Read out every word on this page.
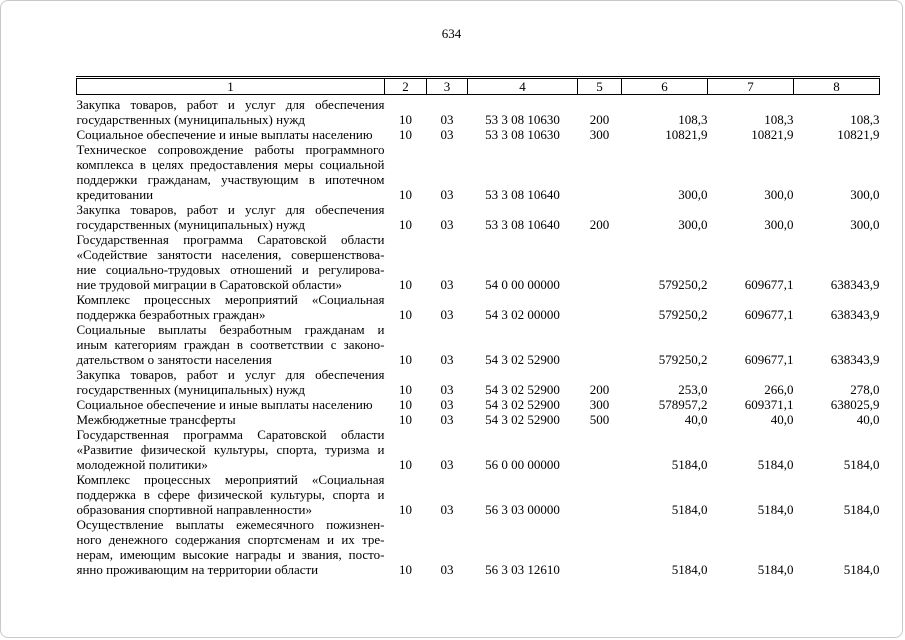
634
1	2	3	4	5	6	7	8

Закупка товаров, работ и услуг для обеспечения
государственных (муниципальных) нужд	10	03	53 3 08 10630	200	108,3	108,3	108,3

Социальное обеспечение и иные выплаты населению	10	03	53 3 08 10630	300	10821,9	10821,9	10821,9

Техническое сопровождение работы программного
комплекса в целях предоставления меры социальной
поддержки гражданам, участвующим в ипотечном
кредитовании	10	03	53 3 08 10640		300,0	300,0	300,0

Закупка товаров, работ и услуг для обеспечения
государственных (муниципальных) нужд	10	03	53 3 08 10640	200	300,0	300,0	300,0

Государственная программа Саратовской области
«Содействие занятости населения, совершенствова-
ние социально-трудовых отношений и регулирова-
ние трудовой миграции в Саратовской области»	10	03	54 0 00 00000		579250,2	609677,1	638343,9

Комплекс процессных мероприятий «Социальная
поддержка безработных граждан»	10	03	54 3 02 00000		579250,2	609677,1	638343,9

Социальные выплаты безработным гражданам и
иным категориям граждан в соответствии с законо-
дательством о занятости населения	10	03	54 3 02 52900		579250,2	609677,1	638343,9

Закупка товаров, работ и услуг для обеспечения
государственных (муниципальных) нужд	10	03	54 3 02 52900	200	253,0	266,0	278,0

Социальное обеспечение и иные выплаты населению	10	03	54 3 02 52900	300	578957,2	609371,1	638025,9

Межбюджетные трансферты	10	03	54 3 02 52900	500	40,0	40,0	40,0

Государственная программа Саратовской области
«Развитие физической культуры, спорта, туризма и
молодежной политики»	10	03	56 0 00 00000		5184,0	5184,0	5184,0

Комплекс процессных мероприятий «Социальная
поддержка в сфере физической культуры, спорта и
образования спортивной направленности»	10	03	56 3 03 00000		5184,0	5184,0	5184,0

Осуществление выплаты ежемесячного пожизнен-
ного денежного содержания спортсменам и их тре-
нерам, имеющим высокие награды и звания, посто-
янно проживающим на территории области	10	03	56 3 03 12610		5184,0	5184,0	5184,0
